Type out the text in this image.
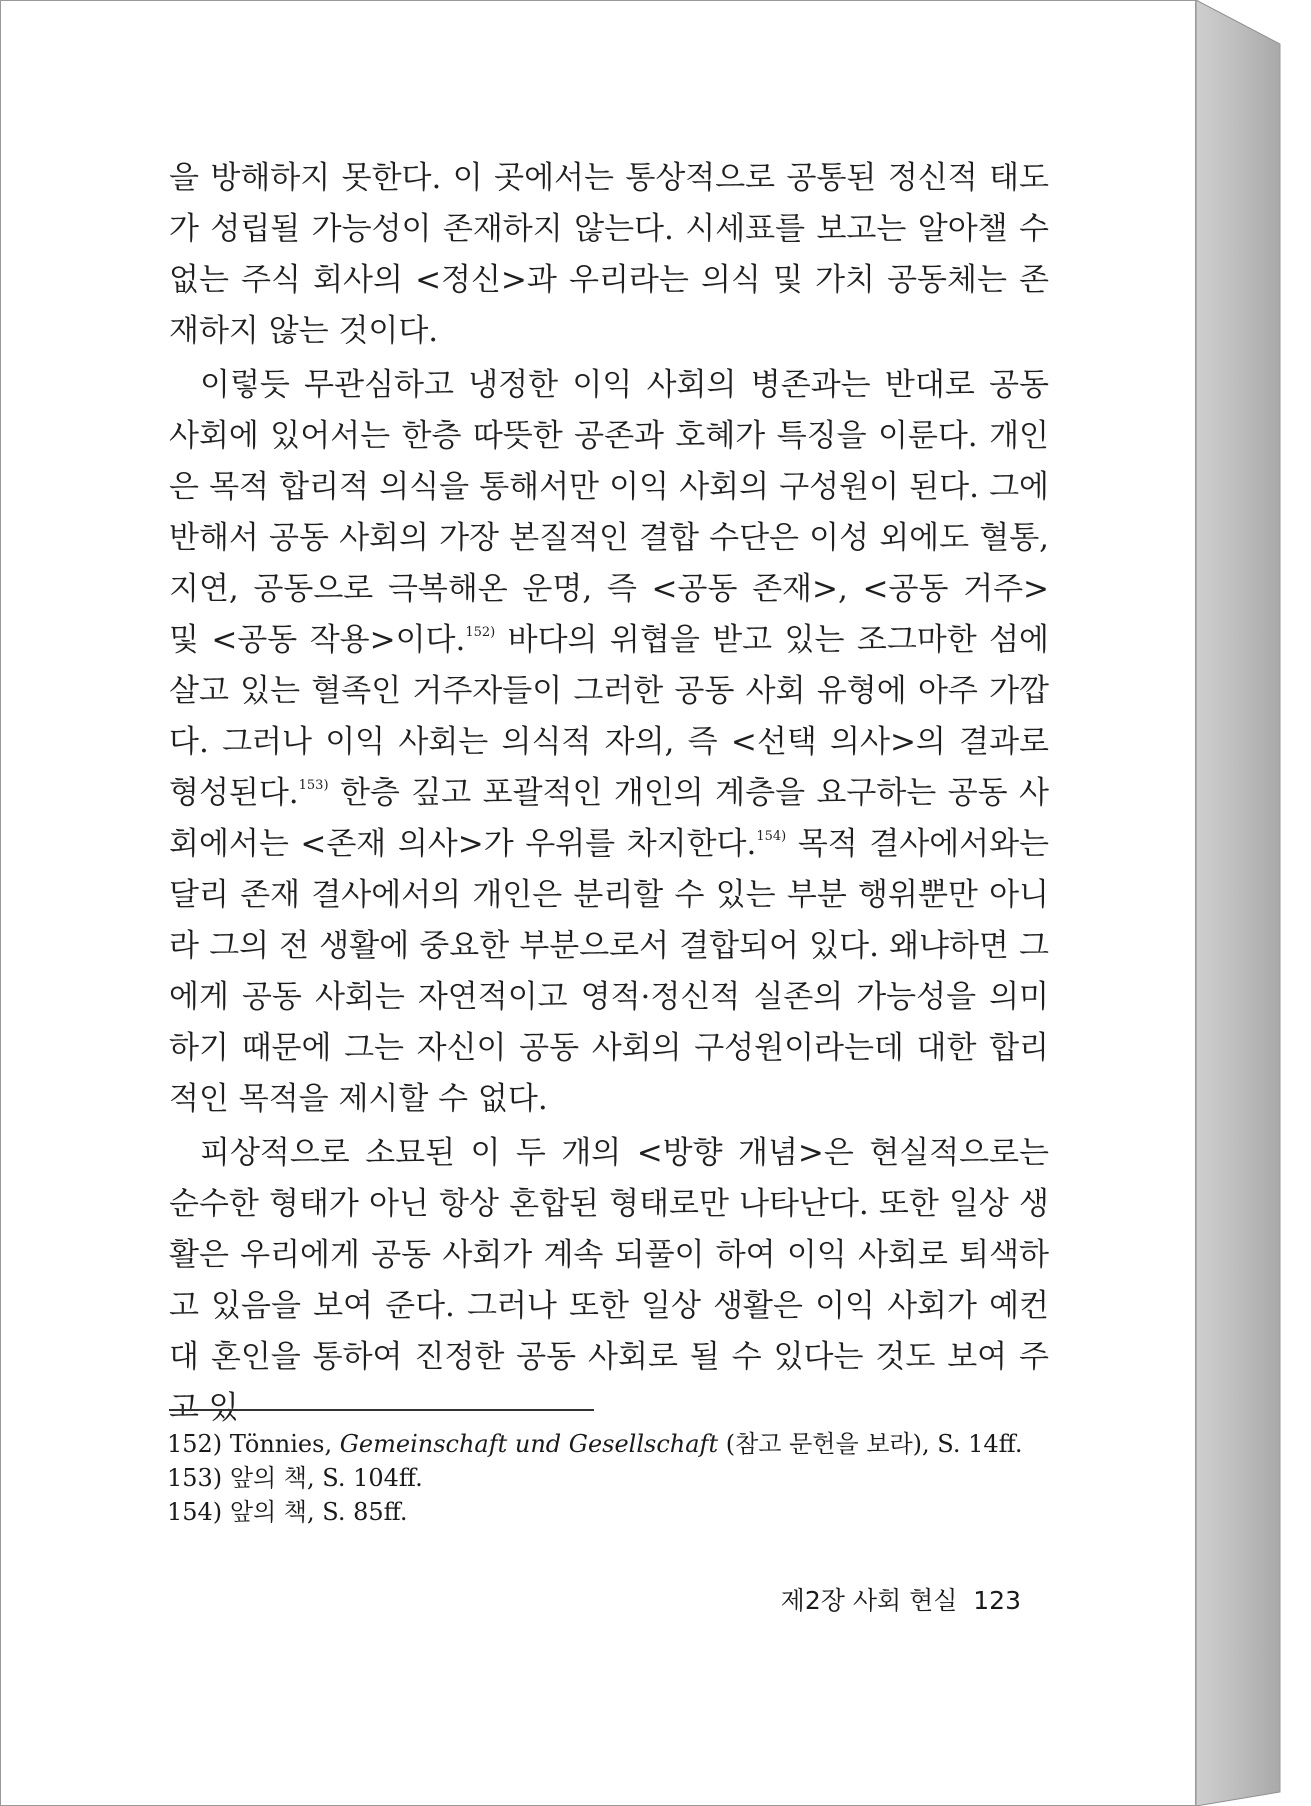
을 방해하지 못한다. 이 곳에서는 통상적으로 공통된 정신적 태도가 성립될 가능성이 존재하지 않는다. 시세표를 보고는 알아챌 수 없는 주식 회사의 <정신>과 우리라는 의식 및 가치 공동체는 존재하지 않는 것이다.

이렇듯 무관심하고 냉정한 이익 사회의 병존과는 반대로 공동 사회에 있어서는 한층 따뜻한 공존과 호혜가 특징을 이룬다. 개인은 목적 합리적 의식을 통해서만 이익 사회의 구성원이 된다. 그에 반해서 공동 사회의 가장 본질적인 결합 수단은 이성 외에도 혈통, 지연, 공동으로 극복해온 운명, 즉 <공동 존재>, <공동 거주> 및 <공동 작용>이다.$^{152)}$ 바다의 위협을 받고 있는 조그마한 섬에 살고 있는 혈족인 거주자들이 그러한 공동 사회 유형에 아주 가깝다. 그러나 이익 사회는 의식적 자의, 즉 <선택 의사>의 결과로 형성된다.$^{153)}$ 한층 깊고 포괄적인 개인의 계층을 요구하는 공동 사회에서는 <존재 의사>가 우위를 차지한다.$^{154)}$ 목적 결사에서와는 달리 존재 결사에서의 개인은 분리할 수 있는 부분 행위뿐만 아니라 그의 전 생활에 중요한 부분으로서 결합되어 있다. 왜냐하면 그에게 공동 사회는 자연적이고 영적·정신적 실존의 가능성을 의미하기 때문에 그는 자신이 공동 사회의 구성원이라는데 대한 합리적인 목적을 제시할 수 없다.

피상적으로 소묘된 이 두 개의 <방향 개념>은 현실적으로는 순수한 형태가 아닌 항상 혼합된 형태로만 나타난다. 또한 일상 생활은 우리에게 공동 사회가 계속 되풀이 하여 이익 사회로 퇴색하고 있음을 보여 준다. 그러나 또한 일상 생활은 이익 사회가 예컨대 혼인을 통하여 진정한 공동 사회로 될 수 있다는 것도 보여 주고 있

152) Tönnies, Gemeinschaft und Gesellschaft (참고 문헌을 보라), S. 14ff.
153) 앞의 책, S. 104ff.
154) 앞의 책, S. 85ff.
제2장 사회 현실 123
